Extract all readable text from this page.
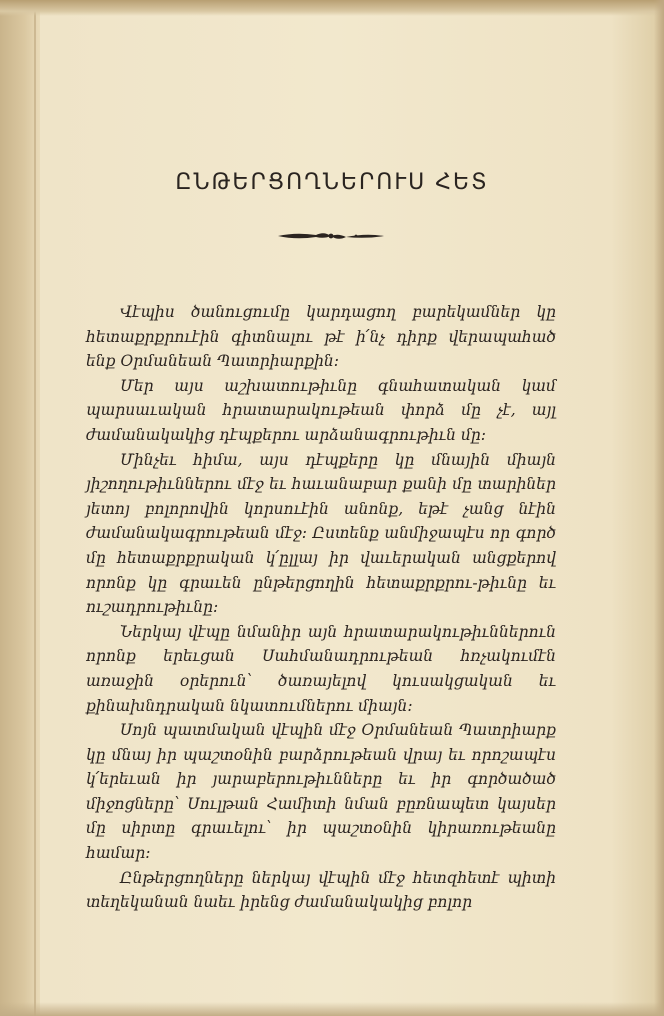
ԸՆԹԵՐՑՈՂՆԵՐՈՒՍ ՀԵՏ

Վէպիս ծանուցումը կարդացող բարեկամներ կը հետաքրքրուէին գիտնալու թէ ի՛նչ դիրք վերապահած ենք Օրմանեան Պատրիարքին:

Մեր այս աշխատութիւնը գնահատական կամ պարսաւական հրատարակութեան փորձ մը չէ, այլ ժամանակակից դէպքերու արձանագրութիւն մը:

Մինչեւ հիմա, այս դէպքերը կը մնային միայն յիշողութիւններու մէջ եւ հաւանաբար քանի մը տարիներ յետոյ բոլորովին կորսուէին անոնք, եթէ չանց նէին ժամանակագրութեան մէջ: Ըստենք անմիջապէս որ գործ մը հետաքրքրական կ՛ըլլայ իր վաւերական անցքերով որոնք կը գրաւեն ընթերցողին հետաքրքրու-թիւնը եւ ուշադրութիւնը:

Ներկայ վէպը նմանիր այն հրատարակութիւններուն որոնք երեւցան Սահմանադրութեան հռչակումէն առաջին օրերուն՝ ծառայելով կուսակցական եւ քինախնդրական նկատումներու միայն:

Սոյն պատմական վէպին մէջ Օրմանեան Պատրիարք կը մնայ իր պաշտօնին բարձրութեան վրայ եւ որոշապէս կ՛երեւան իր յարաբերութիւնները եւ իր գործածած միջոցները՝ Սուլթան Համիտի նման բըռնապետ կայսեր մը սիրտը գրաւելու՝ իր պաշտօնին կիրառութեանը համար:

Ընթերցողները ներկայ վէպին մէջ հետզհետէ պիտի տեղեկանան նաեւ իրենց ժամանակակից բոլոր
